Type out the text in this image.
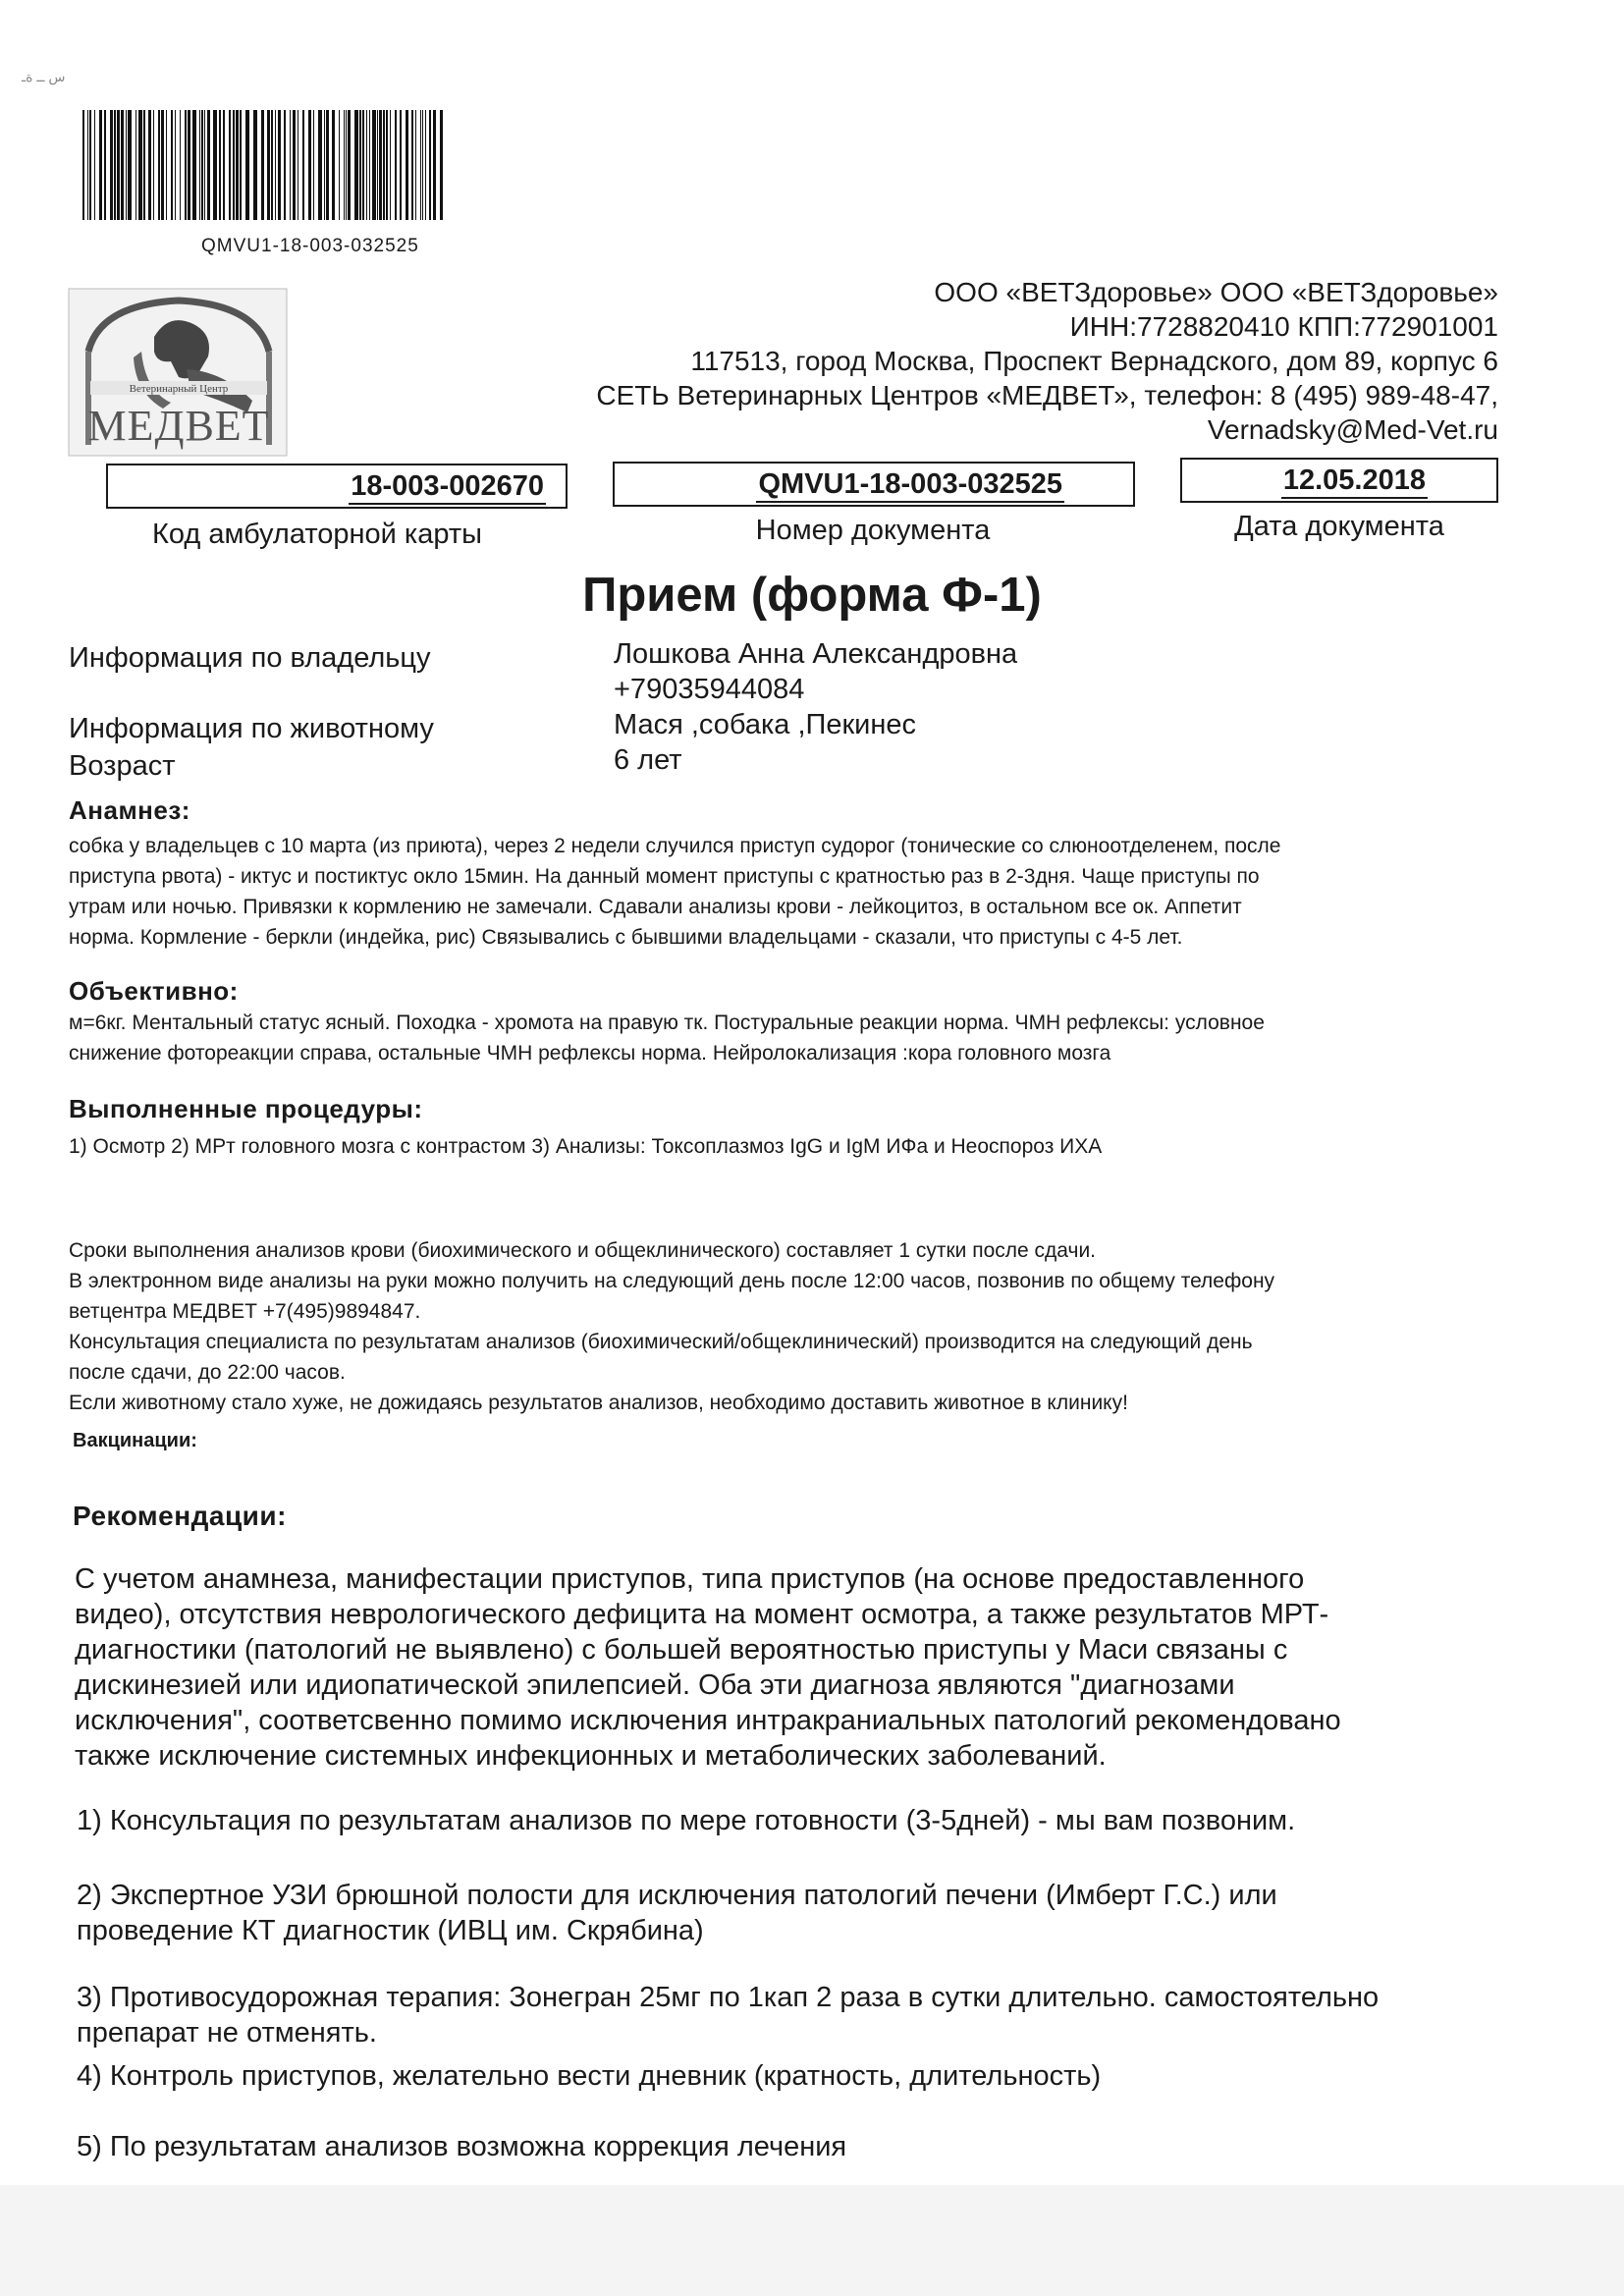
س ــ ةـ
QMVU1-18-003-032525
Ветеринарный Центр
МЕДВЕТ
ООО «ВЕТЗдоровье» ООО «ВЕТЗдоровье»
ИНН:7728820410 КПП:772901001
117513, город Москва, Проспект Вернадского, дом 89, корпус 6
СЕТЬ Ветеринарных Центров «МЕДВЕТ», телефон: 8 (495) 989-48-47,
Vernadsky@Med-Vet.ru
18-003-002670
Код амбулаторной карты
QMVU1-18-003-032525
Номер документа
12.05.2018
Дата документа
Прием (форма Ф-1)
Информация по владельцу	Лошкова Анна Александровна
+79035944084
Информация по животному	Мася ,собака ,Пекинес
Возраст	6 лет
Анамнез:
собка у владельцев с 10 марта (из приюта), через 2 недели случился приступ судорог (тонические со слюноотделенем, после
приступа рвота) - иктус и постиктус окло 15мин. На данный момент приступы с кратностью раз в 2-3дня. Чаще приступы по
утрам или ночью. Привязки к кормлению не замечали. Сдавали анализы крови - лейкоцитоз, в остальном все ок. Аппетит
норма. Кормление - беркли (индейка, рис) Связывались с бывшими владельцами - сказали, что приступы с 4-5 лет.
Объективно:
м=6кг. Ментальный статус ясный. Походка - хромота на правую тк. Постуральные реакции норма. ЧМН рефлексы: условное
снижение фотореакции справа, остальные ЧМН рефлексы норма. Нейролокализация :кора головного мозга
Выполненные процедуры:
1) Осмотр 2) МРт головного мозга с контрастом 3) Анализы: Токсоплазмоз IgG и IgM ИФа и Неоспороз ИХА
Сроки выполнения анализов крови (биохимического и общеклинического) составляет 1 сутки после сдачи.
В электронном виде анализы на руки можно получить на следующий день после 12:00 часов, позвонив по общему телефону
ветцентра МЕДВЕТ +7(495)9894847.
Консультация специалиста по результатам анализов (биохимический/общеклинический) производится на следующий день
после сдачи, до 22:00 часов.
Если животному стало хуже, не дожидаясь результатов анализов, необходимо доставить животное в клинику!
Вакцинации:
Рекомендации:
С учетом анамнеза, манифестации приступов, типа приступов (на основе предоставленного
видео), отсутствия неврологического дефицита на момент осмотра, а также результатов МРТ-
диагностики (патологий не выявлено) с большей вероятностью приступы у Маси связаны с
дискинезией или идиопатической эпилепсией. Оба эти диагноза являются "диагнозами
исключения", соответсвенно помимо исключения интракраниальных патологий рекомендовано
также исключение системных инфекционных и метаболических заболеваний.
1) Консультация по результатам анализов по мере готовности (3-5дней) - мы вам позвоним.
2) Экспертное УЗИ брюшной полости для исключения патологий печени (Имберт Г.С.) или
проведение КТ диагностик (ИВЦ им. Скрябина)
3) Противосудорожная терапия: Зонегран 25мг по 1кап 2 раза в сутки длительно. самостоятельно
препарат не отменять.
4) Контроль приступов, желательно вести дневник (кратность, длительность)
5) По результатам анализов возможна коррекция лечения
